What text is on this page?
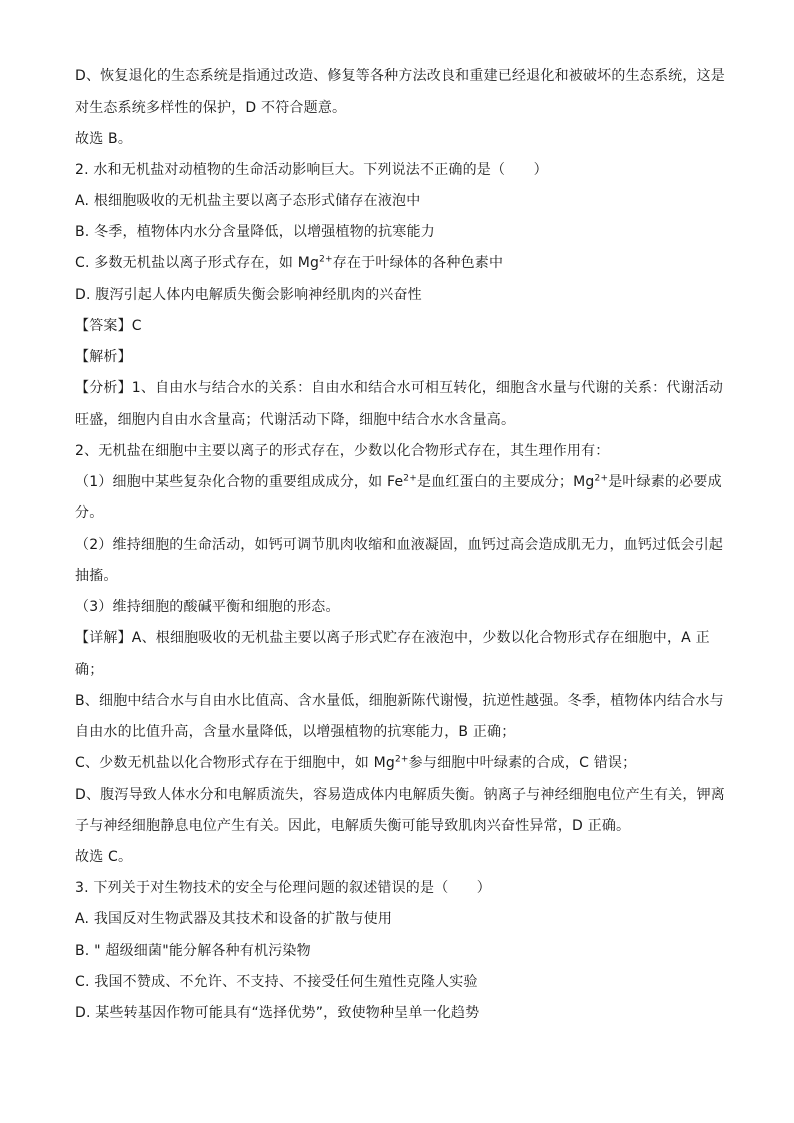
D、恢复退化的生态系统是指通过改造、修复等各种方法改良和重建已经退化和被破坏的生态系统，这是
对生态系统多样性的保护，D 不符合题意。
故选 B。
2. 水和无机盐对动植物的生命活动影响巨大。下列说法不正确的是（　　）
A. 根细胞吸收的无机盐主要以离子态形式储存在液泡中
B. 冬季，植物体内水分含量降低，以增强植物的抗寒能力
C. 多数无机盐以离子形式存在，如 $Mg^{2+}$存在于叶绿体的各种色素中
D. 腹泻引起人体内电解质失衡会影响神经肌肉的兴奋性
【答案】C
【解析】
【分析】1、自由水与结合水的关系：自由水和结合水可相互转化，细胞含水量与代谢的关系：代谢活动
旺盛，细胞内自由水含量高；代谢活动下降，细胞中结合水水含量高。
2、无机盐在细胞中主要以离子的形式存在，少数以化合物形式存在，其生理作用有：
（1）细胞中某些复杂化合物的重要组成成分，如 $Fe^{2+}$是血红蛋白的主要成分；$Mg^{2+}$是叶绿素的必要成
分。
（2）维持细胞的生命活动，如钙可调节肌肉收缩和血液凝固，血钙过高会造成肌无力，血钙过低会引起
抽搐。
（3）维持细胞的酸碱平衡和细胞的形态。
【详解】A、根细胞吸收的无机盐主要以离子形式贮存在液泡中，少数以化合物形式存在细胞中，A 正
确；
B、细胞中结合水与自由水比值高、含水量低，细胞新陈代谢慢，抗逆性越强。冬季，植物体内结合水与
自由水的比值升高，含量水量降低，以增强植物的抗寒能力，B 正确；
C、少数无机盐以化合物形式存在于细胞中，如 $Mg^{2+}$参与细胞中叶绿素的合成，C 错误；
D、腹泻导致人体水分和电解质流失，容易造成体内电解质失衡。钠离子与神经细胞电位产生有关，钾离
子与神经细胞静息电位产生有关。因此，电解质失衡可能导致肌肉兴奋性异常，D 正确。
故选 C。
3. 下列关于对生物技术的安全与伦理问题的叙述错误的是（　　）
A. 我国反对生物武器及其技术和设备的扩散与使用
B. " 超级细菌"能分解各种有机污染物
C. 我国不赞成、不允许、不支持、不接受任何生殖性克隆人实验
D. 某些转基因作物可能具有“选择优势”，致使物种呈单一化趋势
